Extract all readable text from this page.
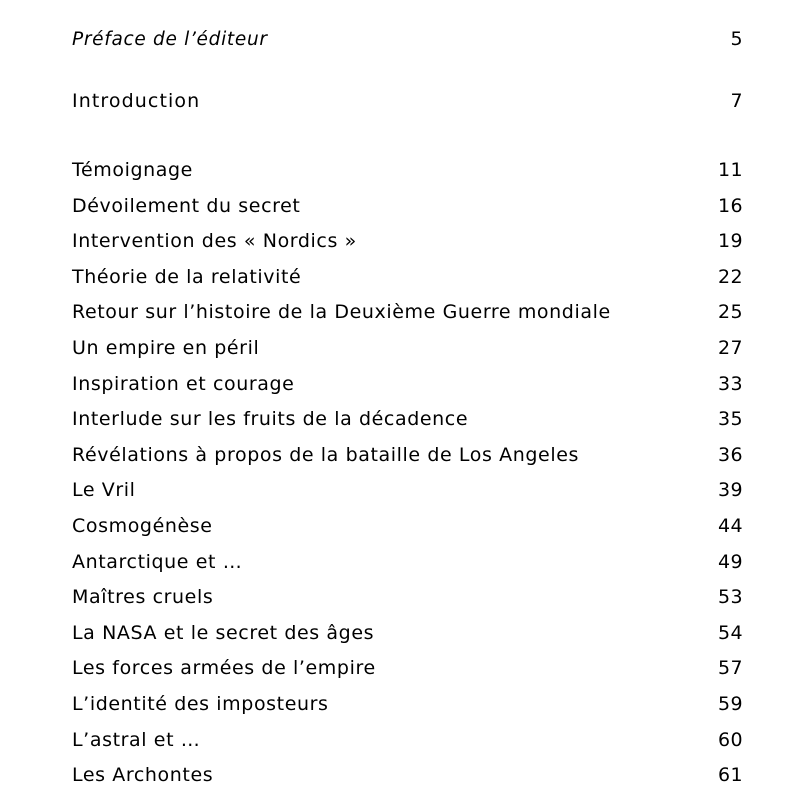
Préface de l’éditeur	5
Introduction	7
Témoignage	11
Dévoilement du secret	16
Intervention des « Nordics »	19
Théorie de la relativité	22
Retour sur l’histoire de la Deuxième Guerre mondiale	25
Un empire en péril	27
Inspiration et courage	33
Interlude sur les fruits de la décadence	35
Révélations à propos de la bataille de Los Angeles	36
Le Vril	39
Cosmogénèse	44
Antarctique et …	49
Maîtres cruels	53
La NASA et le secret des âges	54
Les forces armées de l’empire	57
L’identité des imposteurs	59
L’astral et …	60
Les Archontes	61
